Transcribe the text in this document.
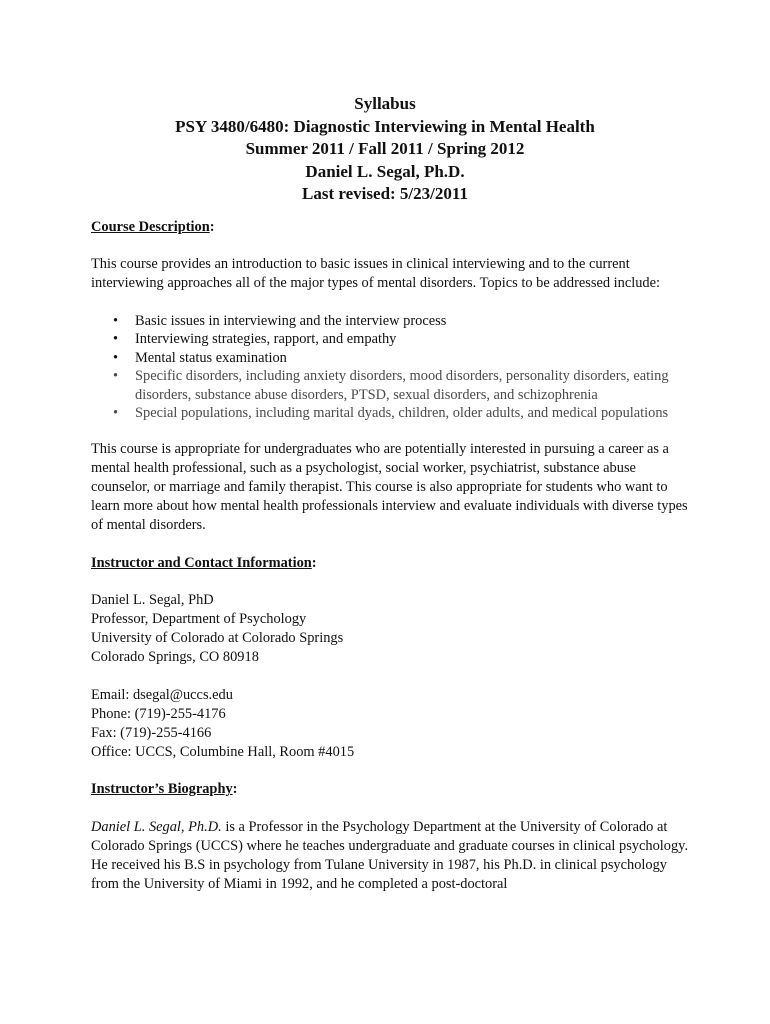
Syllabus
PSY 3480/6480: Diagnostic Interviewing in Mental Health
Summer 2011 / Fall 2011 / Spring 2012
Daniel L. Segal, Ph.D.
Last revised: 5/23/2011

Course Description:

This course provides an introduction to basic issues in clinical interviewing and to the current interviewing approaches all of the major types of mental disorders. Topics to be addressed include:

• Basic issues in interviewing and the interview process
• Interviewing strategies, rapport, and empathy
• Mental status examination
• Specific disorders, including anxiety disorders, mood disorders, personality disorders, eating disorders, substance abuse disorders, PTSD, sexual disorders, and schizophrenia
• Special populations, including marital dyads, children, older adults, and medical populations

This course is appropriate for undergraduates who are potentially interested in pursuing a career as a mental health professional, such as a psychologist, social worker, psychiatrist, substance abuse counselor, or marriage and family therapist. This course is also appropriate for students who want to learn more about how mental health professionals interview and evaluate individuals with diverse types of mental disorders.

Instructor and Contact Information:

Daniel L. Segal, PhD
Professor, Department of Psychology
University of Colorado at Colorado Springs
Colorado Springs, CO 80918
Email: dsegal@uccs.edu
Phone: (719)-255-4176
Fax: (719)-255-4166
Office: UCCS, Columbine Hall, Room #4015

Instructor’s Biography:

Daniel L. Segal, Ph.D. is a Professor in the Psychology Department at the University of Colorado at Colorado Springs (UCCS) where he teaches undergraduate and graduate courses in clinical psychology. He received his B.S in psychology from Tulane University in 1987, his Ph.D. in clinical psychology from the University of Miami in 1992, and he completed a post-doctoral
